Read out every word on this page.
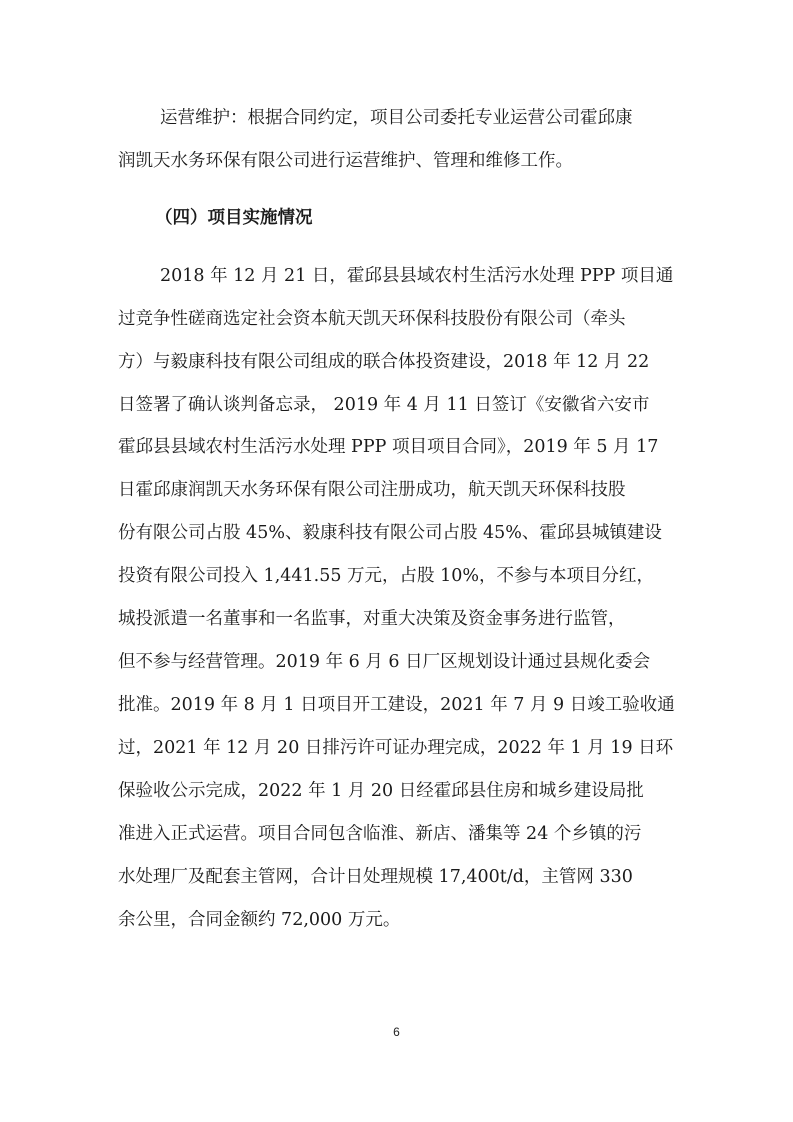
运营维护：根据合同约定，项目公司委托专业运营公司霍邱康
润凯天水务环保有限公司进行运营维护、管理和维修工作。
（四）项目实施情况
2018 年 12 月 21 日，霍邱县县域农村生活污水处理 PPP 项目通
过竞争性磋商选定社会资本航天凯天环保科技股份有限公司（牵头
方）与毅康科技有限公司组成的联合体投资建设，2018 年 12 月 22
日签署了确认谈判备忘录， 2019 年 4 月 11 日签订《安徽省六安市
霍邱县县域农村生活污水处理 PPP 项目项目合同》，2019 年 5 月 17
日霍邱康润凯天水务环保有限公司注册成功，航天凯天环保科技股
份有限公司占股 45%、毅康科技有限公司占股 45%、霍邱县城镇建设
投资有限公司投入 1,441.55 万元，占股 10%，不参与本项目分红，
城投派遣一名董事和一名监事，对重大决策及资金事务进行监管，
但不参与经营管理。2019 年 6 月 6 日厂区规划设计通过县规化委会
批准。2019 年 8 月 1 日项目开工建设，2021 年 7 月 9 日竣工验收通
过，2021 年 12 月 20 日排污许可证办理完成，2022 年 1 月 19 日环
保验收公示完成，2022 年 1 月 20 日经霍邱县住房和城乡建设局批
准进入正式运营。项目合同包含临淮、新店、潘集等 24 个乡镇的污
水处理厂及配套主管网，合计日处理规模 17,400t/d，主管网 330
余公里，合同金额约 72,000 万元。
6
